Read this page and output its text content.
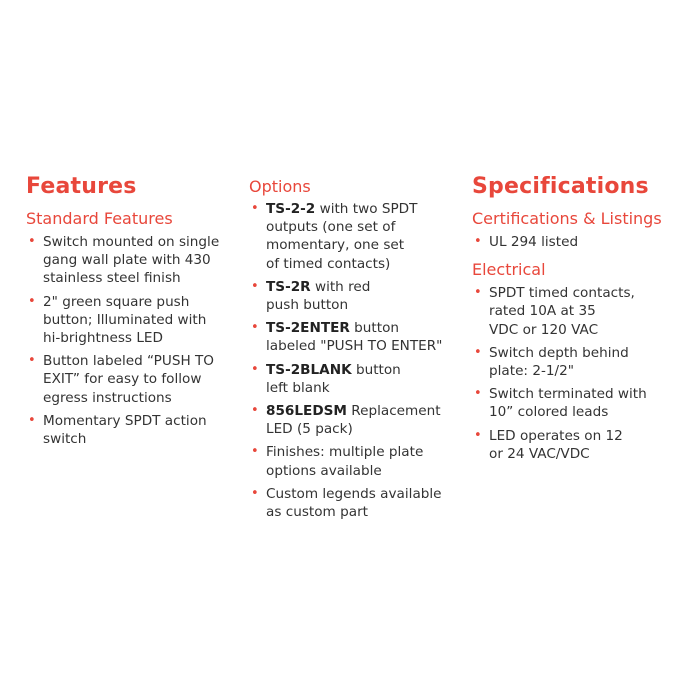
Features
Standard Features
• Switch mounted on single
gang wall plate with 430
stainless steel finish
• 2" green square push
button; Illuminated with
hi-brightness LED
• Button labeled “PUSH TO
EXIT” for easy to follow
egress instructions
• Momentary SPDT action
switch
Options
• TS-2-2 with two SPDT
outputs (one set of
momentary, one set
of timed contacts)
• TS-2R with red
push button
• TS-2ENTER button
labeled "PUSH TO ENTER"
• TS-2BLANK button
left blank
• 856LEDSM Replacement
LED (5 pack)
• Finishes: multiple plate
options available
• Custom legends available
as custom part
Specifications
Certifications & Listings
• UL 294 listed
Electrical
• SPDT timed contacts,
rated 10A at 35
VDC or 120 VAC
• Switch depth behind
plate: 2-1/2"
• Switch terminated with
10” colored leads
• LED operates on 12
or 24 VAC/VDC
